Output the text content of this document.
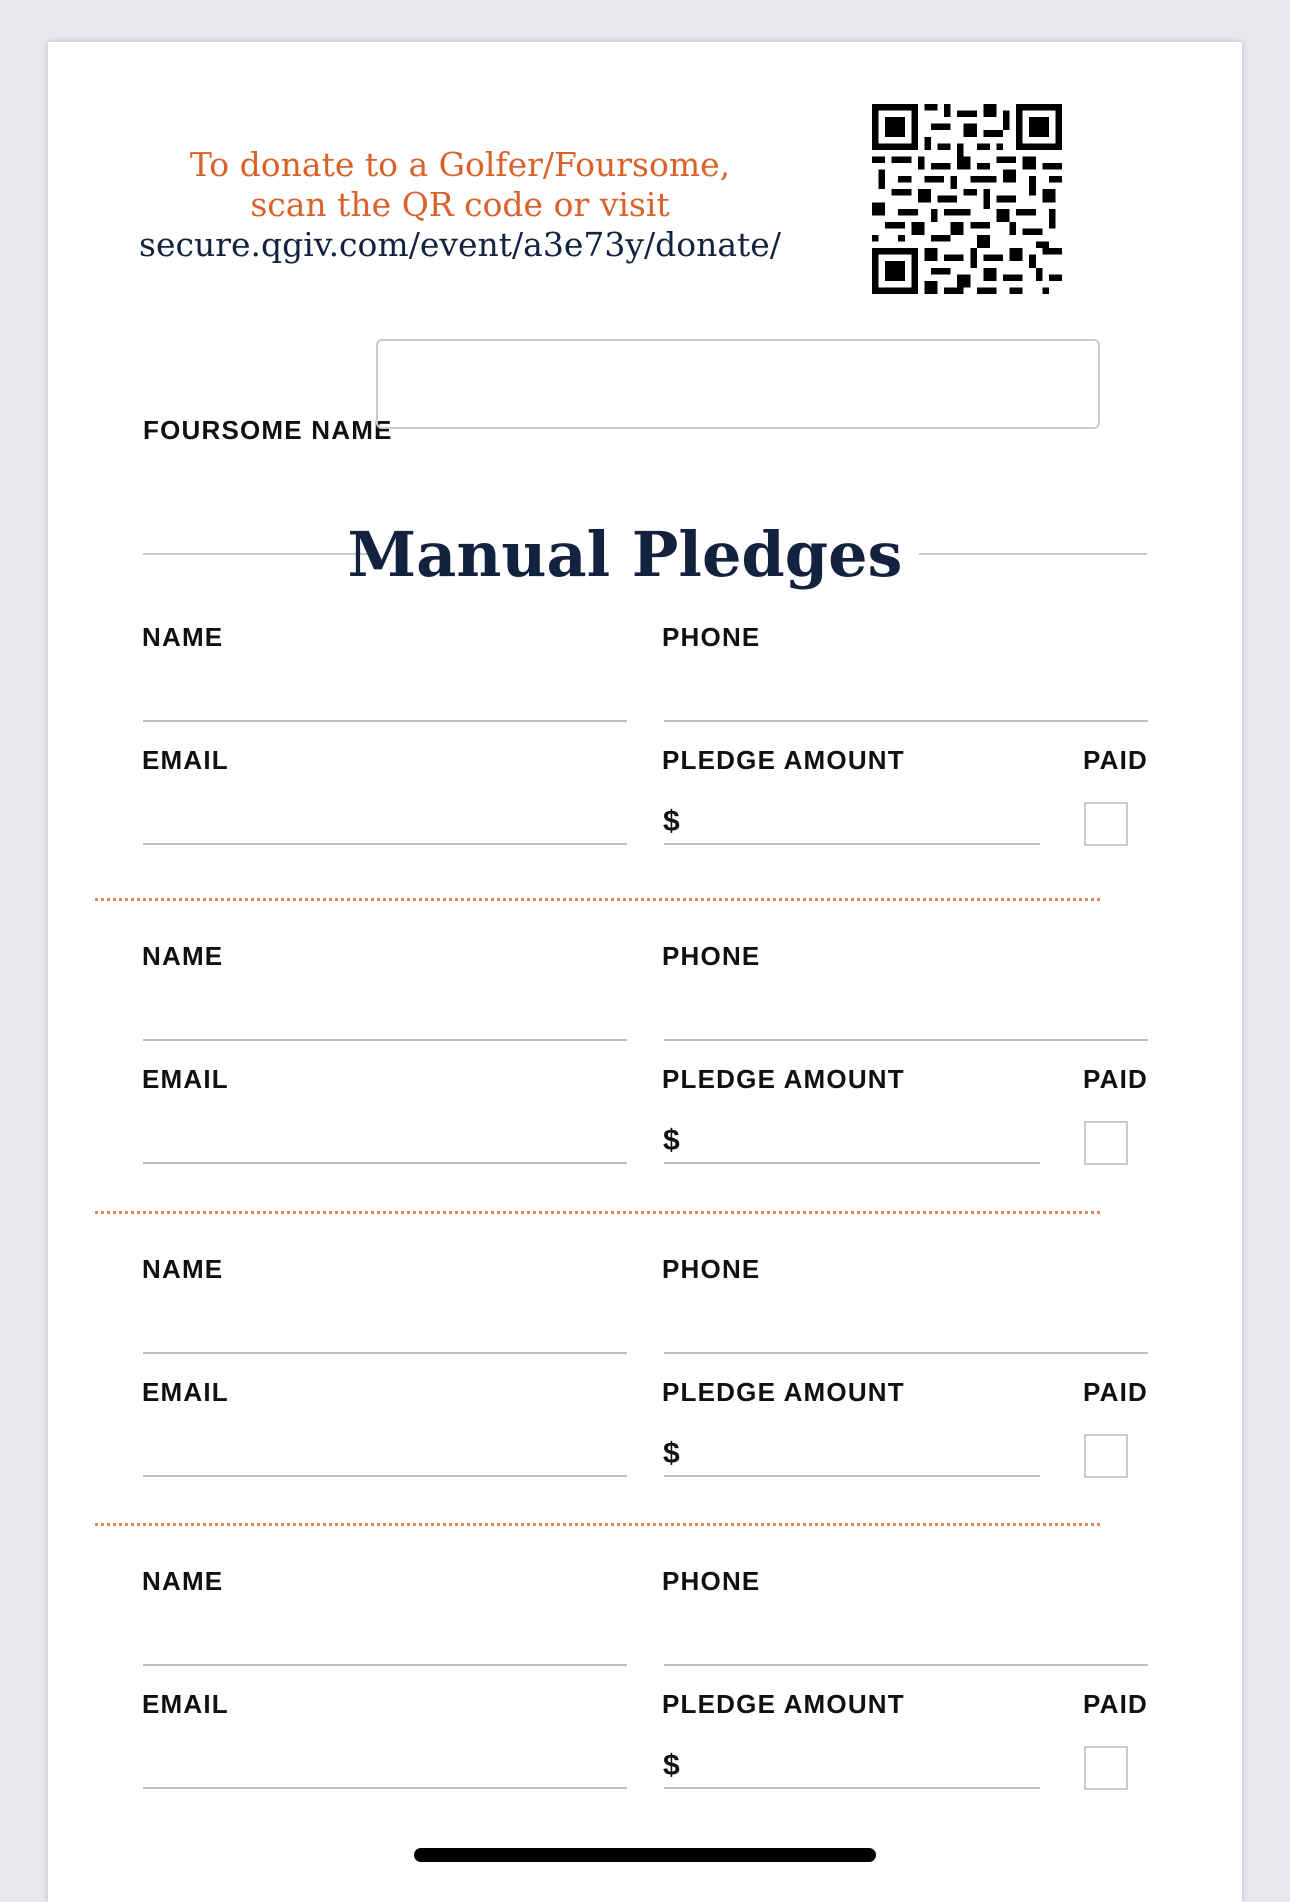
To donate to a Golfer/Foursome,
scan the QR code or visit
secure.qgiv.com/event/a3e73y/donate/
FOURSOME NAME
Manual Pledges
NAME	PHONE
EMAIL	PLEDGE AMOUNT	PAID
$
NAME	PHONE
EMAIL	PLEDGE AMOUNT	PAID
$
NAME	PHONE
EMAIL	PLEDGE AMOUNT	PAID
$
NAME	PHONE
EMAIL	PLEDGE AMOUNT	PAID
$
